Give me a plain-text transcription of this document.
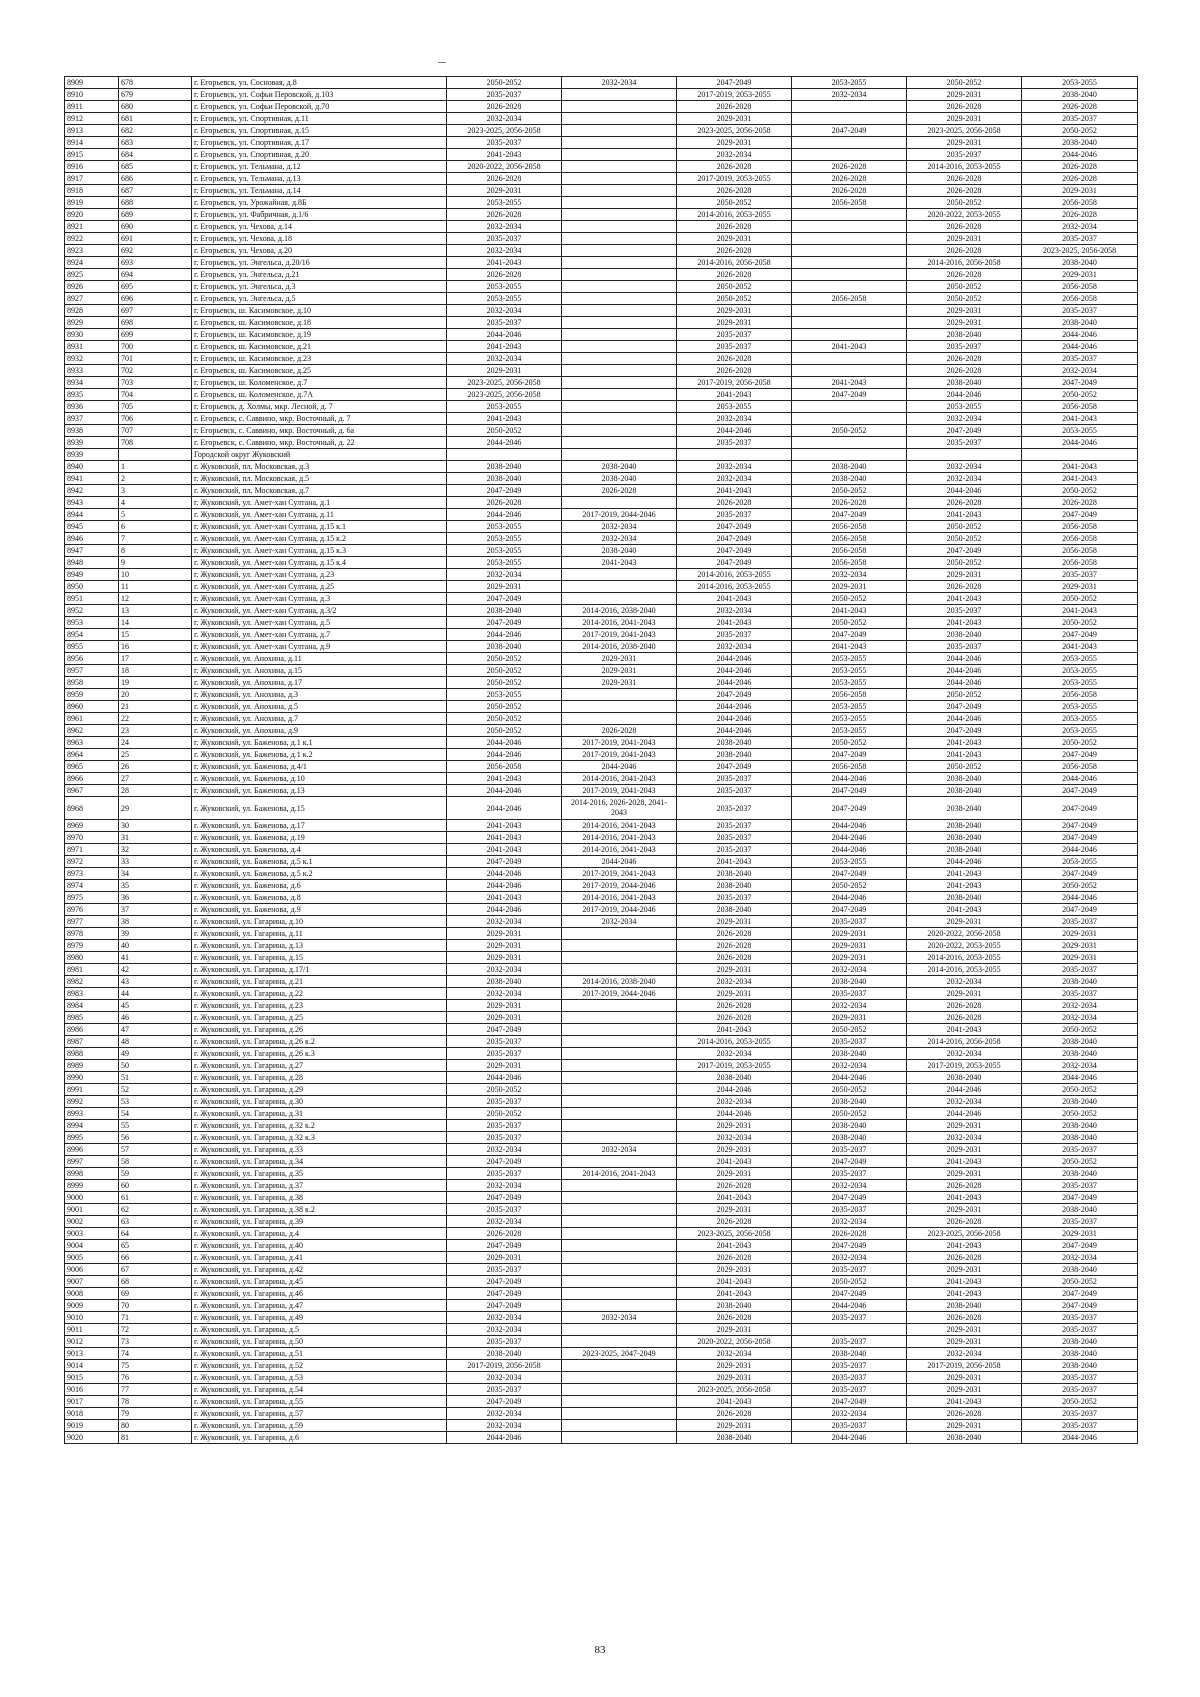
8909	678	г. Егорьевск, ул. Сосновая, д.8	2050-2052	2032-2034	2047-2049	2053-2055	2050-2052	2053-2055
8910	679	г. Егорьевск, ул. Софьи Перовской, д.103	2035-2037		2017-2019, 2053-2055	2032-2034	2029-2031	2038-2040
8911	680	г. Егорьевск, ул. Софьи Перовской, д.70	2026-2028		2026-2028		2026-2028	2026-2028
8912	681	г. Егорьевск, ул. Спортивная, д.11	2032-2034		2029-2031		2029-2031	2035-2037
8913	682	г. Егорьевск, ул. Спортивная, д.15	2023-2025, 2056-2058		2023-2025, 2056-2058	2047-2049	2023-2025, 2056-2058	2050-2052
8914	683	г. Егорьевск, ул. Спортивная, д.17	2035-2037		2029-2031		2029-2031	2038-2040
8915	684	г. Егорьевск, ул. Спортивная, д.20	2041-2043		2032-2034		2035-2037	2044-2046
8916	685	г. Егорьевск, ул. Тельмана, д.12	2020-2022, 2056-2058		2026-2028	2026-2028	2014-2016, 2053-2055	2026-2028
8917	686	г. Егорьевск, ул. Тельмана, д.13	2026-2028		2017-2019, 2053-2055	2026-2028	2026-2028	2026-2028
8918	687	г. Егорьевск, ул. Тельмана, д.14	2029-2031		2026-2028	2026-2028	2026-2028	2029-2031
8919	688	г. Егорьевск, ул. Урожайная, д.8Б	2053-2055		2050-2052	2056-2058	2050-2052	2056-2058
8920	689	г. Егорьевск, ул. Фабричная, д.1/6	2026-2028		2014-2016, 2053-2055		2020-2022, 2053-2055	2026-2028
8921	690	г. Егорьевск, ул. Чехова, д.14	2032-2034		2026-2028		2026-2028	2032-2034
8922	691	г. Егорьевск, ул. Чехова, д.18	2035-2037		2029-2031		2029-2031	2035-2037
8923	692	г. Егорьевск, ул. Чехова, д.20	2032-2034		2026-2028		2026-2028	2023-2025, 2056-2058
8924	693	г. Егорьевск, ул. Энгельса, д.20/16	2041-2043		2014-2016, 2056-2058		2014-2016, 2056-2058	2038-2040
8925	694	г. Егорьевск, ул. Энгельса, д.21	2026-2028		2026-2028		2026-2028	2029-2031
8926	695	г. Егорьевск, ул. Энгельса, д.3	2053-2055		2050-2052		2050-2052	2056-2058
8927	696	г. Егорьевск, ул. Энгельса, д.5	2053-2055		2050-2052	2056-2058	2050-2052	2056-2058
8928	697	г. Егорьевск, ш. Касимовское, д.10	2032-2034		2029-2031		2029-2031	2035-2037
8929	698	г. Егорьевск, ш. Касимовское, д.18	2035-2037		2029-2031		2029-2031	2038-2040
8930	699	г. Егорьевск, ш. Касимовское, д.19	2044-2046		2035-2037		2038-2040	2044-2046
8931	700	г. Егорьевск, ш. Касимовское, д.21	2041-2043		2035-2037	2041-2043	2035-2037	2044-2046
8932	701	г. Егорьевск, ш. Касимовское, д.23	2032-2034		2026-2028		2026-2028	2035-2037
8933	702	г. Егорьевск, ш. Касимовское, д.25	2029-2031		2026-2028		2026-2028	2032-2034
8934	703	г. Егорьевск, ш. Коломенское, д.7	2023-2025, 2056-2058		2017-2019, 2056-2058	2041-2043	2038-2040	2047-2049
8935	704	г. Егорьевск, ш. Коломенское, д.7А	2023-2025, 2056-2058		2041-2043	2047-2049	2044-2046	2050-2052
8936	705	г. Егорьевск, д. Холмы, мкр. Лесной, д. 7	2053-2055		2053-2055		2053-2055	2056-2058
8937	706	г. Егорьевск, с. Саввино, мкр. Восточный, д. 7	2041-2043		2032-2034		2032-2034	2041-2043
8938	707	г. Егорьевск, с. Саввино, мкр. Восточный, д. 6а	2050-2052		2044-2046	2050-2052	2047-2049	2053-2055
8939	708	г. Егорьевск, с. Саввино, мкр. Восточный, д. 22	2044-2046		2035-2037		2035-2037	2044-2046
8939		Городской округ Жуковский						
8940	1	г. Жуковский, пл. Московская, д.3	2038-2040	2038-2040	2032-2034	2038-2040	2032-2034	2041-2043
8941	2	г. Жуковский, пл. Московская, д.5	2038-2040	2038-2040	2032-2034	2038-2040	2032-2034	2041-2043
8942	3	г. Жуковский, пл. Московская, д.7	2047-2049	2026-2028	2041-2043	2050-2052	2044-2046	2050-2052
8943	4	г. Жуковский, ул. Амет-хан Султана, д.1	2026-2028		2026-2028	2026-2028	2026-2028	2026-2028
8944	5	г. Жуковский, ул. Амет-хан Султана, д.11	2044-2046	2017-2019, 2044-2046	2035-2037	2047-2049	2041-2043	2047-2049
8945	6	г. Жуковский, ул. Амет-хан Султана, д.15 к.1	2053-2055	2032-2034	2047-2049	2056-2058	2050-2052	2056-2058
8946	7	г. Жуковский, ул. Амет-хан Султана, д.15 к.2	2053-2055	2032-2034	2047-2049	2056-2058	2050-2052	2056-2058
8947	8	г. Жуковский, ул. Амет-хан Султана, д.15 к.3	2053-2055	2038-2040	2047-2049	2056-2058	2047-2049	2056-2058
8948	9	г. Жуковский, ул. Амет-хан Султана, д.15 к.4	2053-2055	2041-2043	2047-2049	2056-2058	2050-2052	2056-2058
8949	10	г. Жуковский, ул. Амет-хан Султана, д.23	2032-2034		2014-2016, 2053-2055	2032-2034	2029-2031	2035-2037
8950	11	г. Жуковский, ул. Амет-хан Султана, д.25	2029-2031		2014-2016, 2053-2055	2029-2031	2026-2028	2029-2031
8951	12	г. Жуковский, ул. Амет-хан Султана, д.3	2047-2049		2041-2043	2050-2052	2041-2043	2050-2052
8952	13	г. Жуковский, ул. Амет-хан Султана, д.3/2	2038-2040	2014-2016, 2038-2040	2032-2034	2041-2043	2035-2037	2041-2043
8953	14	г. Жуковский, ул. Амет-хан Султана, д.5	2047-2049	2014-2016, 2041-2043	2041-2043	2050-2052	2041-2043	2050-2052
8954	15	г. Жуковский, ул. Амет-хан Султана, д.7	2044-2046	2017-2019, 2041-2043	2035-2037	2047-2049	2038-2040	2047-2049
8955	16	г. Жуковский, ул. Амет-хан Султана, д.9	2038-2040	2014-2016, 2038-2040	2032-2034	2041-2043	2035-2037	2041-2043
8956	17	г. Жуковский, ул. Анохина, д.11	2050-2052	2029-2031	2044-2046	2053-2055	2044-2046	2053-2055
8957	18	г. Жуковский, ул. Анохина, д.15	2050-2052	2029-2031	2044-2046	2053-2055	2044-2046	2053-2055
8958	19	г. Жуковский, ул. Анохина, д.17	2050-2052	2029-2031	2044-2046	2053-2055	2044-2046	2053-2055
8959	20	г. Жуковский, ул. Анохина, д.3	2053-2055		2047-2049	2056-2058	2050-2052	2056-2058
8960	21	г. Жуковский, ул. Анохина, д.5	2050-2052		2044-2046	2053-2055	2047-2049	2053-2055
8961	22	г. Жуковский, ул. Анохина, д.7	2050-2052		2044-2046	2053-2055	2044-2046	2053-2055
8962	23	г. Жуковский, ул. Анохина, д.9	2050-2052	2026-2028	2044-2046	2053-2055	2047-2049	2053-2055
8963	24	г. Жуковский, ул. Баженова, д.1 к.1	2044-2046	2017-2019, 2041-2043	2038-2040	2050-2052	2041-2043	2050-2052
8964	25	г. Жуковский, ул. Баженова, д.1 к.2	2044-2046	2017-2019, 2041-2043	2038-2040	2047-2049	2041-2043	2047-2049
8965	26	г. Жуковский, ул. Баженова, д.4/1	2056-2058	2044-2046	2047-2049	2056-2058	2050-2052	2056-2058
8966	27	г. Жуковский, ул. Баженова, д.10	2041-2043	2014-2016, 2041-2043	2035-2037	2044-2046	2038-2040	2044-2046
8967	28	г. Жуковский, ул. Баженова, д.13	2044-2046	2017-2019, 2041-2043	2035-2037	2047-2049	2038-2040	2047-2049
8968	29	г. Жуковский, ул. Баженова, д.15	2044-2046	2014-2016, 2026-2028, 2041-2043	2035-2037	2047-2049	2038-2040	2047-2049
8969	30	г. Жуковский, ул. Баженова, д.17	2041-2043	2014-2016, 2041-2043	2035-2037	2044-2046	2038-2040	2047-2049
8970	31	г. Жуковский, ул. Баженова, д.19	2041-2043	2014-2016, 2041-2043	2035-2037	2044-2046	2038-2040	2047-2049
8971	32	г. Жуковский, ул. Баженова, д.4	2041-2043	2014-2016, 2041-2043	2035-2037	2044-2046	2038-2040	2044-2046
8972	33	г. Жуковский, ул. Баженова, д.5 к.1	2047-2049	2044-2046	2041-2043	2053-2055	2044-2046	2053-2055
8973	34	г. Жуковский, ул. Баженова, д.5 к.2	2044-2046	2017-2019, 2041-2043	2038-2040	2047-2049	2041-2043	2047-2049
8974	35	г. Жуковский, ул. Баженова, д.6	2044-2046	2017-2019, 2044-2046	2038-2040	2050-2052	2041-2043	2050-2052
8975	36	г. Жуковский, ул. Баженова, д.8	2041-2043	2014-2016, 2041-2043	2035-2037	2044-2046	2038-2040	2044-2046
8976	37	г. Жуковский, ул. Баженова, д.9	2044-2046	2017-2019, 2044-2046	2038-2040	2047-2049	2041-2043	2047-2049
8977	38	г. Жуковский, ул. Гагарина, д.10	2032-2034	2032-2034	2029-2031	2035-2037	2029-2031	2035-2037
8978	39	г. Жуковский, ул. Гагарина, д.11	2029-2031		2026-2028	2029-2031	2020-2022, 2056-2058	2029-2031
8979	40	г. Жуковский, ул. Гагарина, д.13	2029-2031		2026-2028	2029-2031	2020-2022, 2053-2055	2029-2031
8980	41	г. Жуковский, ул. Гагарина, д.15	2029-2031		2026-2028	2029-2031	2014-2016, 2053-2055	2029-2031
8981	42	г. Жуковский, ул. Гагарина, д.17/1	2032-2034		2029-2031	2032-2034	2014-2016, 2053-2055	2035-2037
8982	43	г. Жуковский, ул. Гагарина, д.21	2038-2040	2014-2016, 2038-2040	2032-2034	2038-2040	2032-2034	2038-2040
8983	44	г. Жуковский, ул. Гагарина, д.22	2032-2034	2017-2019, 2044-2046	2029-2031	2035-2037	2029-2031	2035-2037
8984	45	г. Жуковский, ул. Гагарина, д.23	2029-2031		2026-2028	2032-2034	2026-2028	2032-2034
8985	46	г. Жуковский, ул. Гагарина, д.25	2029-2031		2026-2028	2029-2031	2026-2028	2032-2034
8986	47	г. Жуковский, ул. Гагарина, д.26	2047-2049		2041-2043	2050-2052	2041-2043	2050-2052
8987	48	г. Жуковский, ул. Гагарина, д.26 к.2	2035-2037		2014-2016, 2053-2055	2035-2037	2014-2016, 2056-2058	2038-2040
8988	49	г. Жуковский, ул. Гагарина, д.26 к.3	2035-2037		2032-2034	2038-2040	2032-2034	2038-2040
8989	50	г. Жуковский, ул. Гагарина, д.27	2029-2031		2017-2019, 2053-2055	2032-2034	2017-2019, 2053-2055	2032-2034
8990	51	г. Жуковский, ул. Гагарина, д.28	2044-2046		2038-2040	2044-2046	2038-2040	2044-2046
8991	52	г. Жуковский, ул. Гагарина, д.29	2050-2052		2044-2046	2050-2052	2044-2046	2050-2052
8992	53	г. Жуковский, ул. Гагарина, д.30	2035-2037		2032-2034	2038-2040	2032-2034	2038-2040
8993	54	г. Жуковский, ул. Гагарина, д.31	2050-2052		2044-2046	2050-2052	2044-2046	2050-2052
8994	55	г. Жуковский, ул. Гагарина, д.32 к.2	2035-2037		2029-2031	2038-2040	2029-2031	2038-2040
8995	56	г. Жуковский, ул. Гагарина, д.32 к.3	2035-2037		2032-2034	2038-2040	2032-2034	2038-2040
8996	57	г. Жуковский, ул. Гагарина, д.33	2032-2034	2032-2034	2029-2031	2035-2037	2029-2031	2035-2037
8997	58	г. Жуковский, ул. Гагарина, д.34	2047-2049		2041-2043	2047-2049	2041-2043	2050-2052
8998	59	г. Жуковский, ул. Гагарина, д.35	2035-2037	2014-2016, 2041-2043	2029-2031	2035-2037	2029-2031	2038-2040
8999	60	г. Жуковский, ул. Гагарина, д.37	2032-2034		2026-2028	2032-2034	2026-2028	2035-2037
9000	61	г. Жуковский, ул. Гагарина, д.38	2047-2049		2041-2043	2047-2049	2041-2043	2047-2049
9001	62	г. Жуковский, ул. Гагарина, д.38 к.2	2035-2037		2029-2031	2035-2037	2029-2031	2038-2040
9002	63	г. Жуковский, ул. Гагарина, д.39	2032-2034		2026-2028	2032-2034	2026-2028	2035-2037
9003	64	г. Жуковский, ул. Гагарина, д.4	2026-2028		2023-2025, 2056-2058	2026-2028	2023-2025, 2056-2058	2029-2031
9004	65	г. Жуковский, ул. Гагарина, д.40	2047-2049		2041-2043	2047-2049	2041-2043	2047-2049
9005	66	г. Жуковский, ул. Гагарина, д.41	2029-2031		2026-2028	2032-2034	2026-2028	2032-2034
9006	67	г. Жуковский, ул. Гагарина, д.42	2035-2037		2029-2031	2035-2037	2029-2031	2038-2040
9007	68	г. Жуковский, ул. Гагарина, д.45	2047-2049		2041-2043	2050-2052	2041-2043	2050-2052
9008	69	г. Жуковский, ул. Гагарина, д.46	2047-2049		2041-2043	2047-2049	2041-2043	2047-2049
9009	70	г. Жуковский, ул. Гагарина, д.47	2047-2049		2038-2040	2044-2046	2038-2040	2047-2049
9010	71	г. Жуковский, ул. Гагарина, д.49	2032-2034	2032-2034	2026-2028	2035-2037	2026-2028	2035-2037
9011	72	г. Жуковский, ул. Гагарина, д.5	2032-2034		2029-2031		2029-2031	2035-2037
9012	73	г. Жуковский, ул. Гагарина, д.50	2035-2037		2020-2022, 2056-2058	2035-2037	2029-2031	2038-2040
9013	74	г. Жуковский, ул. Гагарина, д.51	2038-2040	2023-2025, 2047-2049	2032-2034	2038-2040	2032-2034	2038-2040
9014	75	г. Жуковский, ул. Гагарина, д.52	2017-2019, 2056-2058		2029-2031	2035-2037	2017-2019, 2056-2058	2038-2040
9015	76	г. Жуковский, ул. Гагарина, д.53	2032-2034		2029-2031	2035-2037	2029-2031	2035-2037
9016	77	г. Жуковский, ул. Гагарина, д.54	2035-2037		2023-2025, 2056-2058	2035-2037	2029-2031	2035-2037
9017	78	г. Жуковский, ул. Гагарина, д.55	2047-2049		2041-2043	2047-2049	2041-2043	2050-2052
9018	79	г. Жуковский, ул. Гагарина, д.57	2032-2034		2026-2028	2032-2034	2026-2028	2035-2037
9019	80	г. Жуковский, ул. Гагарина, д.59	2032-2034		2029-2031	2035-2037	2029-2031	2035-2037
9020	81	г. Жуковский, ул. Гагарина, д.6	2044-2046		2038-2040	2044-2046	2038-2040	2044-2046
83
